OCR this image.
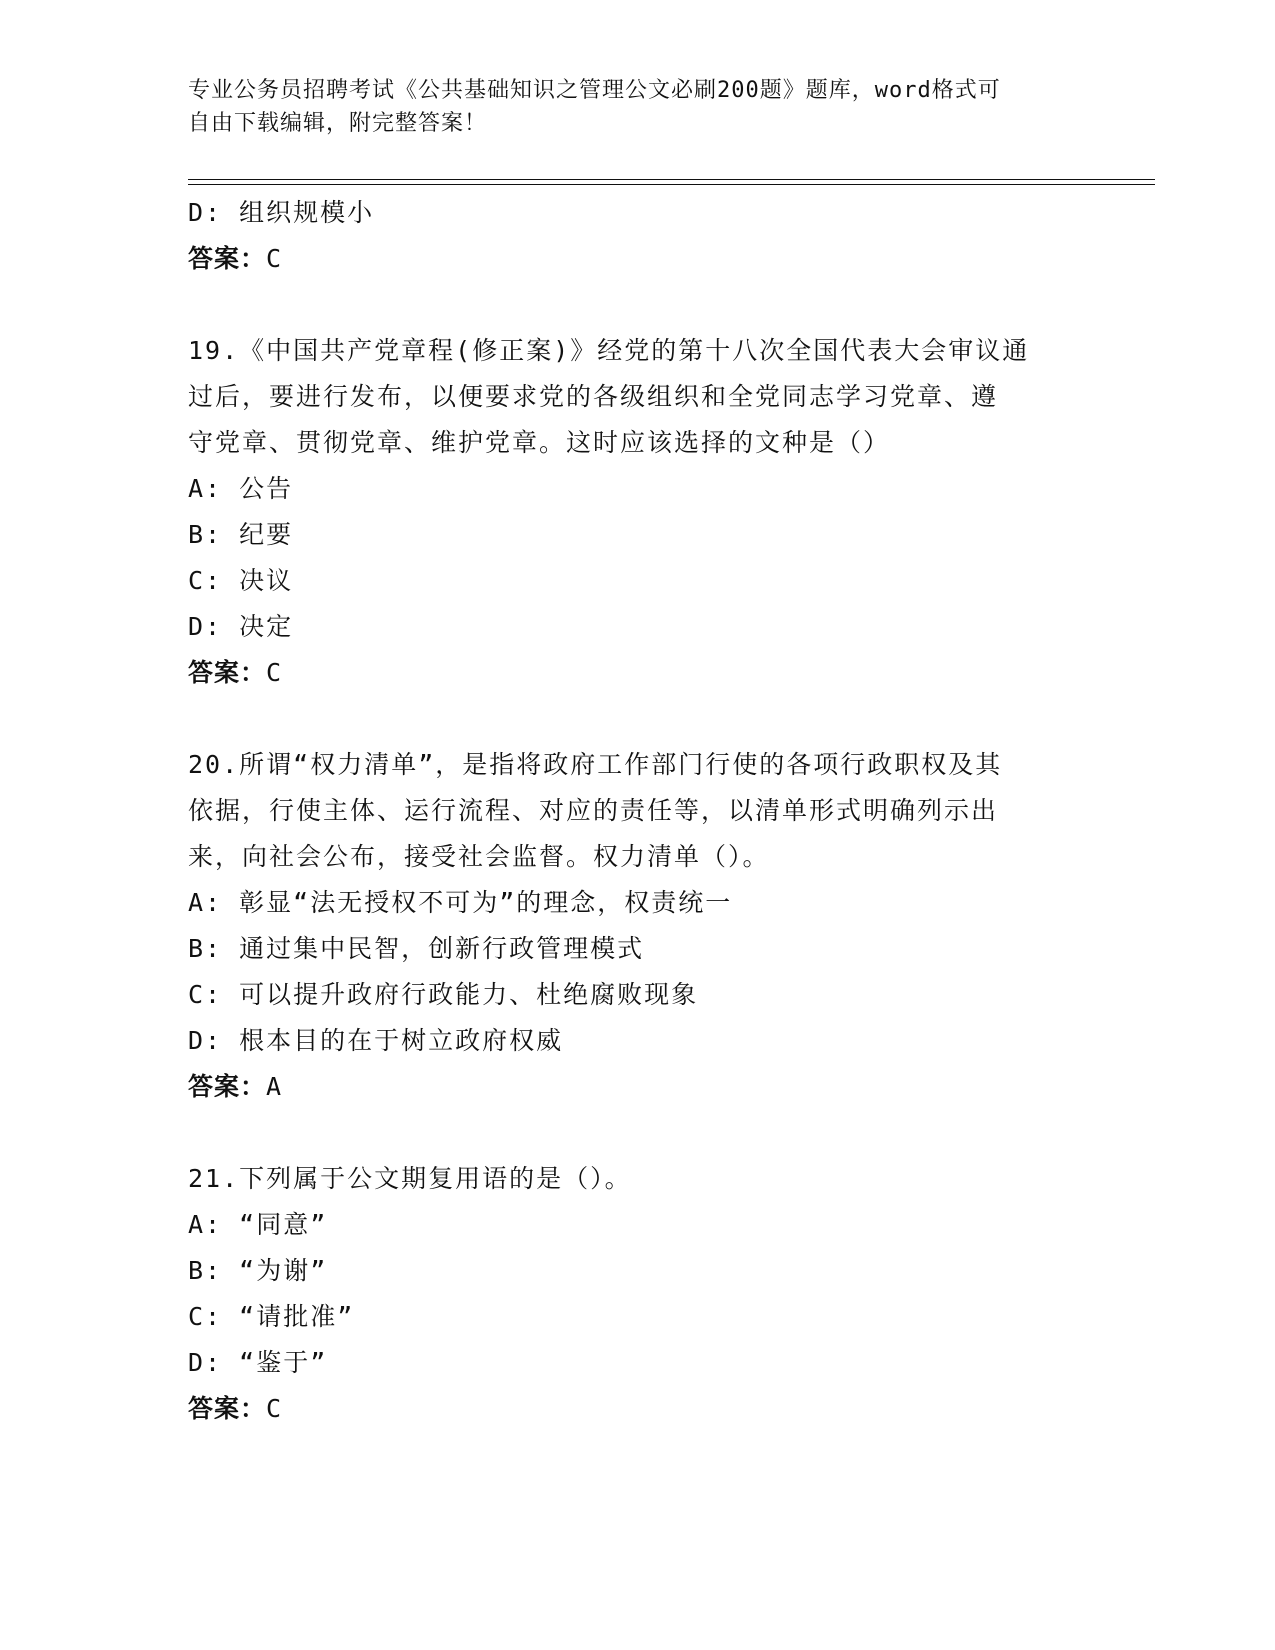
专业公务员招聘考试《公共基础知识之管理公文必刷200题》题库，word格式可
自由下载编辑，附完整答案！
D: 组织规模小
答案：C
19.《中国共产党章程(修正案)》经党的第十八次全国代表大会审议通
过后，要进行发布，以便要求党的各级组织和全党同志学习党章、遵
守党章、贯彻党章、维护党章。这时应该选择的文种是（）
A: 公告
B: 纪要
C: 决议
D: 决定
答案：C
20.所谓“权力清单”，是指将政府工作部门行使的各项行政职权及其
依据，行使主体、运行流程、对应的责任等，以清单形式明确列示出
来，向社会公布，接受社会监督。权力清单（）。
A: 彰显“法无授权不可为”的理念，权责统一
B: 通过集中民智，创新行政管理模式
C: 可以提升政府行政能力、杜绝腐败现象
D: 根本目的在于树立政府权威
答案：A
21.下列属于公文期复用语的是（）。
A: “同意”
B: “为谢”
C: “请批准”
D: “鉴于”
答案：C
